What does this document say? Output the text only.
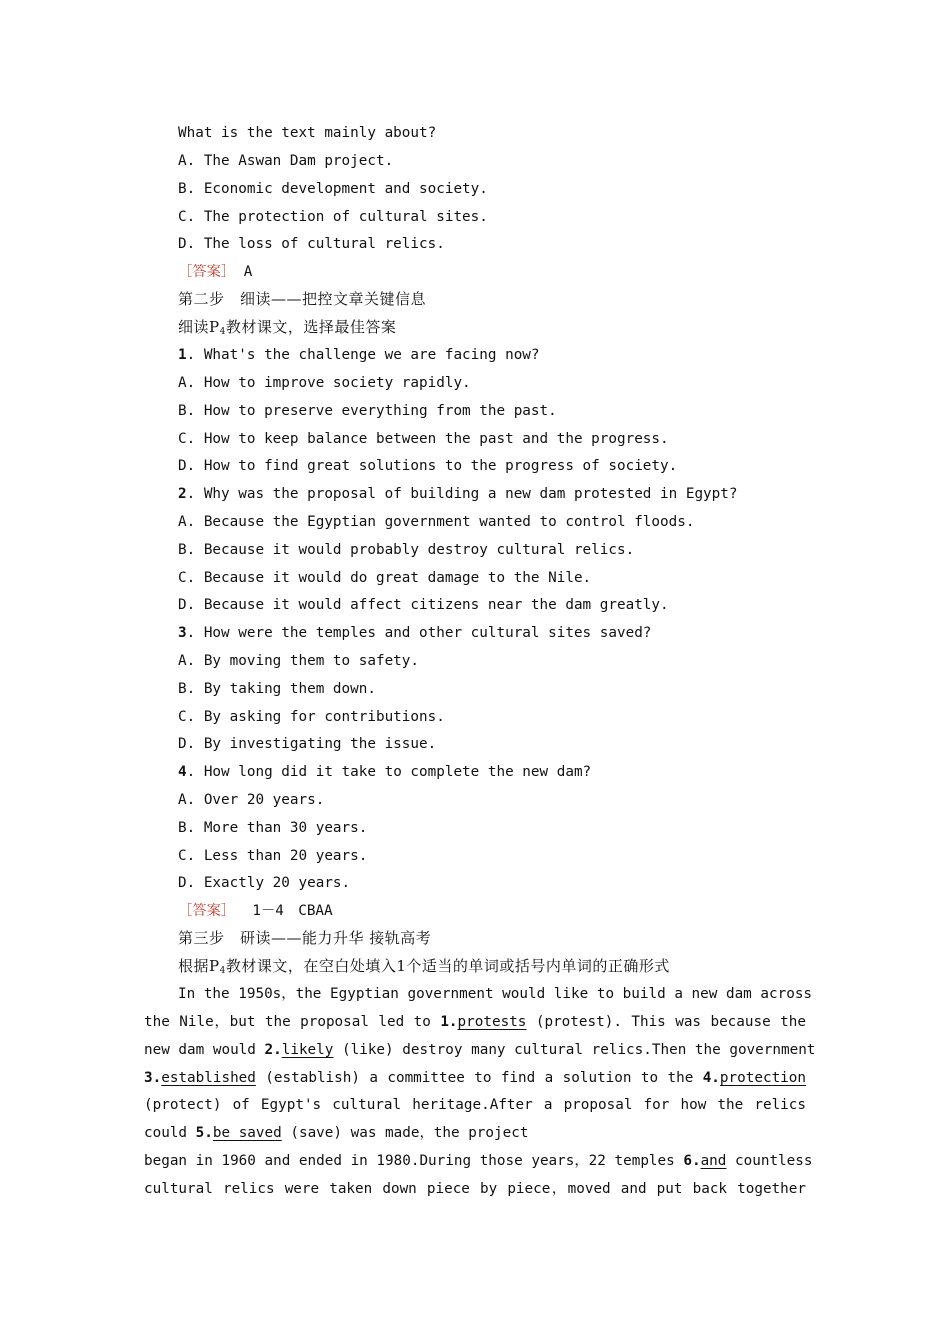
What is the text mainly about?
A. The Aswan Dam project.
B. Economic development and society.
C. The protection of cultural sites.
D. The loss of cultural relics.
［答案］ A
第二步　细读——把控文章关键信息
细读$P_4$教材课文，选择最佳答案
1. What's the challenge we are facing now?
A. How to improve society rapidly.
B. How to preserve everything from the past.
C. How to keep balance between the past and the progress.
D. How to find great solutions to the progress of society.
2. Why was the proposal of building a new dam protested in Egypt?
A. Because the Egyptian government wanted to control floods.
B. Because it would probably destroy cultural relics.
C. Because it would do great damage to the Nile.
D. Because it would affect citizens near the dam greatly.
3. How were the temples and other cultural sites saved?
A. By moving them to safety.
B. By taking them down.
C. By asking for contributions.
D. By investigating the issue.
4. How long did it take to complete the new dam?
A. Over 20 years.
B. More than 30 years.
C. Less than 20 years.
D. Exactly 20 years.
［答案］ 1－4　CBAA
第三步　研读——能力升华 接轨高考
根据$P_4$教材课文，在空白处填入1个适当的单词或括号内单词的正确形式
In the 1950s，the Egyptian government would like to build a new dam across
the Nile，but the proposal led to 1.protests (protest). This was because the
new dam would 2.likely (like) destroy many cultural relics.Then the government
3.established (establish) a committee to find a solution to the 4.protection
(protect) of Egypt's cultural heritage.After a proposal for how the relics
could 5.be saved (save) was made，the project
began in 1960 and ended in 1980.During those years，22 temples 6.and countless
cultural relics were taken down piece by piece，moved and put back together
